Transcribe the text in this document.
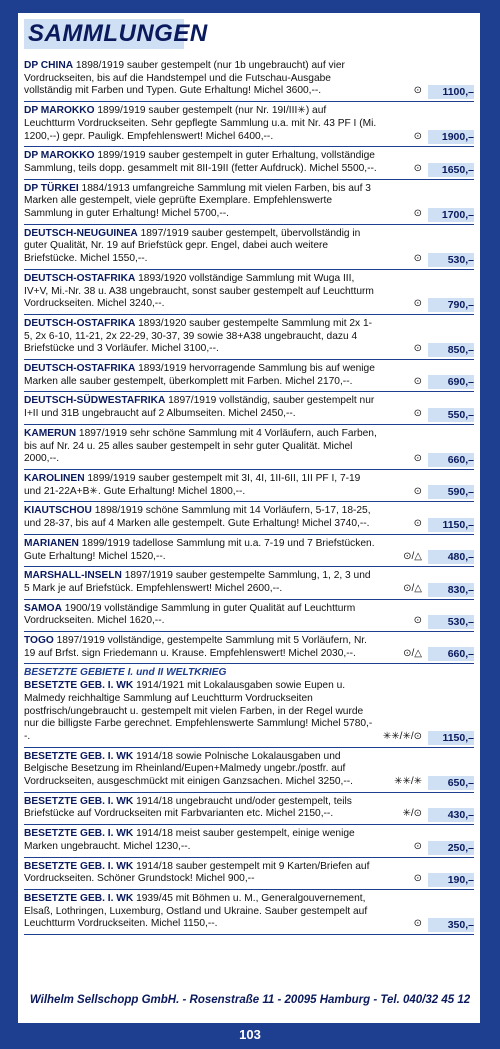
SAMMLUNGEN
DP CHINA 1898/1919 sauber gestempelt (nur 1b ungebraucht) auf vier Vordruckseiten, bis auf die Handstempel und die Futschau-Ausgabe vollständig mit Farben und Typen. Gute Erhaltung! Michel 3600,--.	⊙	1100,–
DP MAROKKO 1899/1919 sauber gestempelt (nur Nr. 19I/III✳) auf Leuchtturm Vordruckseiten. Sehr gepflegte Sammlung u.a. mit Nr. 43 PF I (Mi. 1200,--) gepr. Pauligk. Empfehlenswert! Michel 6400,--.	⊙	1900,–
DP MAROKKO 1899/1919 sauber gestempelt in guter Erhaltung, vollständige Sammlung, teils dopp. gesammelt mit 8II-19II (fetter Aufdruck). Michel 5500,--.	⊙	1650,–
DP TÜRKEI 1884/1913 umfangreiche Sammlung mit vielen Farben, bis auf 3 Marken alle gestempelt, viele geprüfte Exemplare. Empfehlenswerte Sammlung in guter Erhaltung! Michel 5700,--.	⊙	1700,–
DEUTSCH-NEUGUINEA 1897/1919 sauber gestempelt, übervollständig in guter Qualität, Nr. 19 auf Briefstück gepr. Engel, dabei auch weitere Briefstücke. Michel 1550,--.	⊙	530,–
DEUTSCH-OSTAFRIKA 1893/1920 vollständige Sammlung mit Wuga III, IV+V, Mi.-Nr. 38 u. A38 ungebraucht, sonst sauber gestempelt auf Leuchtturm Vordruckseiten. Michel 3240,--.	⊙	790,–
DEUTSCH-OSTAFRIKA 1893/1920 sauber gestempelte Sammlung mit 2x 1-5, 2x 6-10, 11-21, 2x 22-29, 30-37, 39 sowie 38+A38 ungebraucht, dazu 4 Briefstücke und 3 Vorläufer. Michel 3100,--.	⊙	850,–
DEUTSCH-OSTAFRIKA 1893/1919 hervorragende Sammlung bis auf wenige Marken alle sauber gestempelt, überkomplett mit Farben. Michel 2170,--.	⊙	690,–
DEUTSCH-SÜDWESTAFRIKA 1897/1919 vollständig, sauber gestempelt nur I+II und 31B ungebraucht auf 2 Albumseiten. Michel 2450,--.	⊙	550,–
KAMERUN 1897/1919 sehr schöne Sammlung mit 4 Vorläufern, auch Farben, bis auf Nr. 24 u. 25 alles sauber gestempelt in sehr guter Qualität. Michel 2000,--.	⊙	660,–
KAROLINEN 1899/1919 sauber gestempelt mit 3I, 4I, 1II-6II, 1II PF I, 7-19 und 21-22A+B✳. Gute Erhaltung! Michel 1800,--.	⊙	590,–
KIAUTSCHOU 1898/1919 schöne Sammlung mit 14 Vorläufern, 5-17, 18-25, und 28-37, bis auf 4 Marken alle gestempelt. Gute Erhaltung! Michel 3740,--.	⊙	1150,–
MARIANEN 1899/1919 tadellose Sammlung mit u.a. 7-19 und 7 Briefstücken. Gute Erhaltung! Michel 1520,--.	⊙/△	480,–
MARSHALL-INSELN 1897/1919 sauber gestempelte Sammlung, 1, 2, 3 und 5 Mark je auf Briefstück. Empfehlenswert! Michel 2600,--.	⊙/△	830,–
SAMOA 1900/19 vollständige Sammlung in guter Qualität auf Leuchtturm Vordruckseiten. Michel 1620,--.	⊙	530,–
TOGO 1897/1919 vollständige, gestempelte Sammlung mit 5 Vorläufern, Nr. 19 auf Brfst. sign Friedemann u. Krause. Empfehlenswert! Michel 2030,--.	⊙/△	660,–
BESETZTE GEBIETE I. und II WELTKRIEG
BESETZTE GEB. I. WK 1914/1921 mit Lokalausgaben sowie Eupen u. Malmedy reichhaltige Sammlung auf Leuchtturm Vordruckseiten postfrisch/ungebraucht u. gestempelt mit vielen Farben, in der Regel wurde nur die billigste Farbe gerechnet. Empfehlenswerte Sammlung! Michel 5780,--.	✳✳/✳/⊙	1150,–
BESETZTE GEB. I. WK 1914/18 sowie Polnische Lokalausgaben und Belgische Besetzung im Rheinland/Eupen+Malmedy ungebr./postfr. auf Vordruckseiten, ausgeschmückt mit einigen Ganzsachen. Michel 3250,--.	✳✳/✳	650,–
BESETZTE GEB. I. WK 1914/18 ungebraucht und/oder gestempelt, teils Briefstücke auf Vordruckseiten mit Farbvarianten etc. Michel 2150,--.	✳/⊙	430,–
BESETZTE GEB. I. WK 1914/18 meist sauber gestempelt, einige wenige Marken ungebraucht. Michel 1230,--.	⊙	250,–
BESETZTE GEB. I. WK 1914/18 sauber gestempelt mit 9 Karten/Briefen auf Vordruckseiten. Schöner Grundstock! Michel 900,--	⊙	190,–
BESETZTE GEB. I. WK 1939/45 mit Böhmen u. M., Generalgouvernement, Elsaß, Lothringen, Luxemburg, Ostland und Ukraine. Sauber gestempelt auf Leuchtturm Vordruckseiten. Michel 1150,--.	⊙	350,–
Wilhelm Sellschopp GmbH. - Rosenstraße 11 - 20095 Hamburg - Tel. 040/32 45 12
103
